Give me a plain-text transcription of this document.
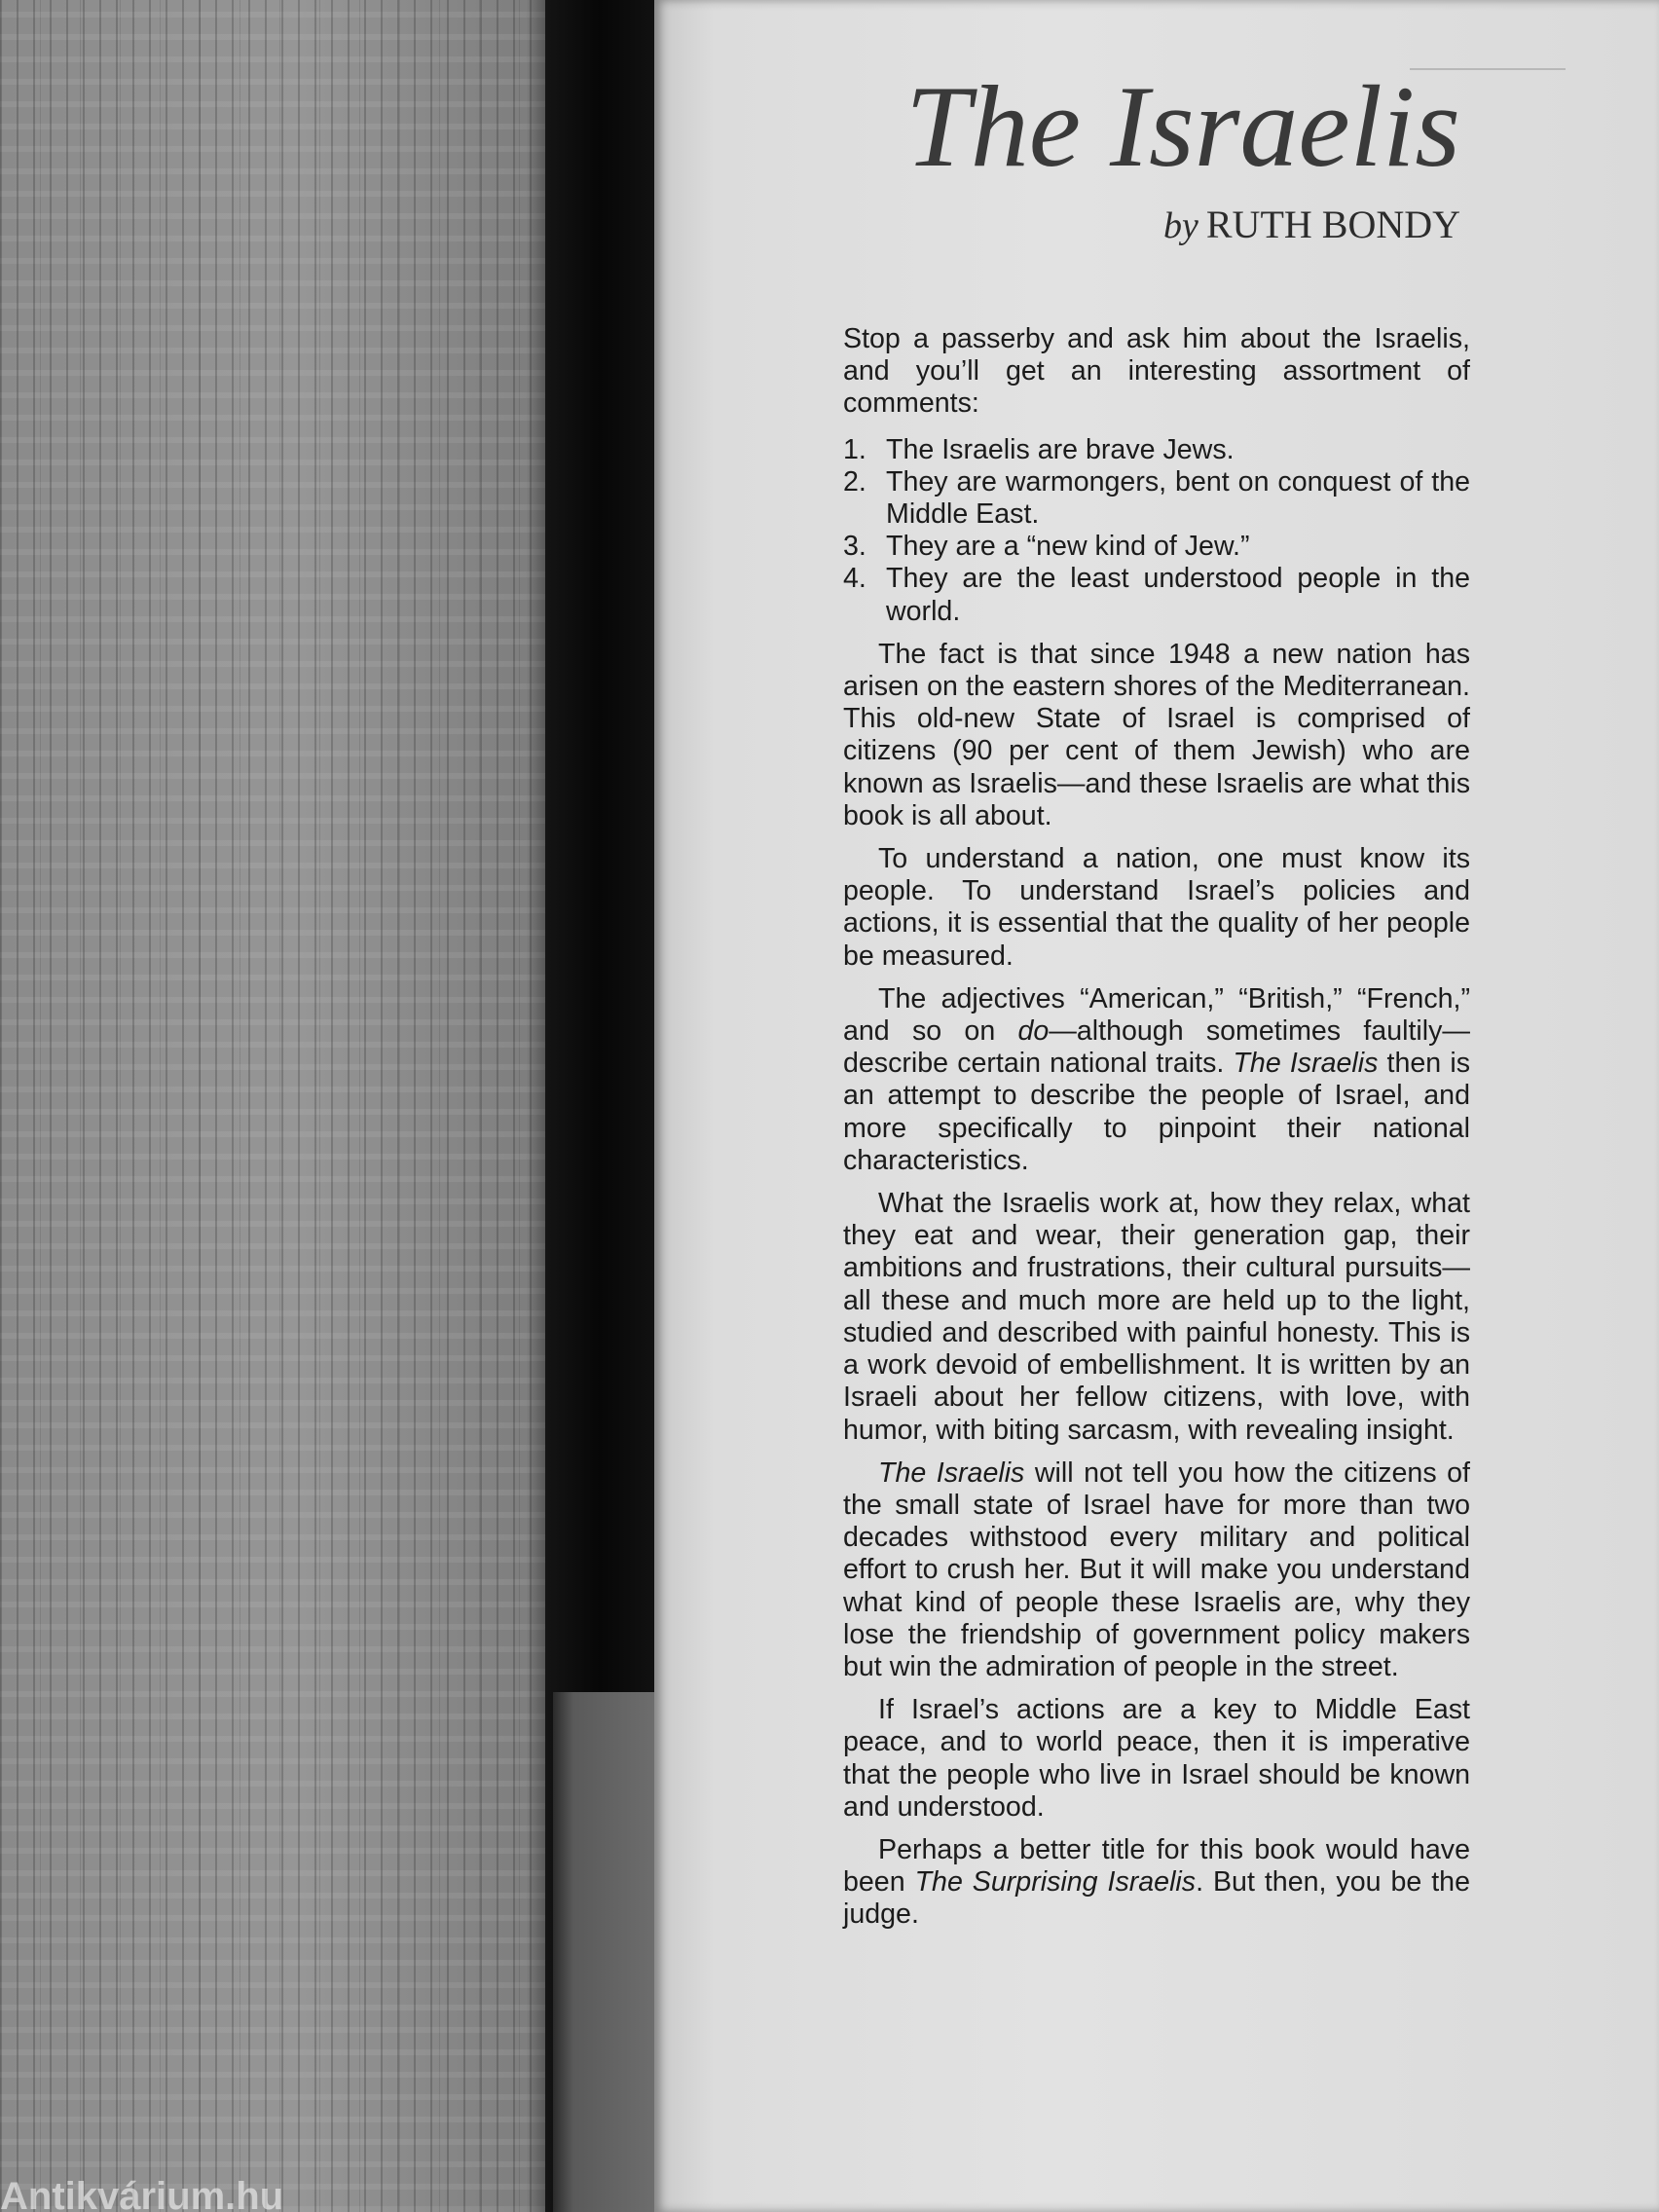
The Israelis
by RUTH BONDY

Stop a passerby and ask him about the Israelis, and you’ll get an interesting assortment of comments:

1. The Israelis are brave Jews.
2. They are warmongers, bent on conquest of the Middle East.
3. They are a “new kind of Jew.”
4. They are the least understood people in the world.

The fact is that since 1948 a new nation has arisen on the eastern shores of the Mediterranean. This old-new State of Israel is comprised of citizens (90 per cent of them Jewish) who are known as Israelis—and these Israelis are what this book is all about.

To understand a nation, one must know its people. To understand Israel’s policies and actions, it is essential that the quality of her people be measured.

The adjectives “American,” “British,” “French,” and so on do—although sometimes faultily—describe certain national traits. The Israelis then is an attempt to describe the people of Israel, and more specifically to pinpoint their national characteristics.

What the Israelis work at, how they relax, what they eat and wear, their generation gap, their ambitions and frustrations, their cultural pursuits—all these and much more are held up to the light, studied and described with painful honesty. This is a work devoid of embellishment. It is written by an Israeli about her fellow citizens, with love, with humor, with biting sarcasm, with revealing insight.

The Israelis will not tell you how the citizens of the small state of Israel have for more than two decades withstood every military and political effort to crush her. But it will make you understand what kind of people these Israelis are, why they lose the friendship of government policy makers but win the admiration of people in the street.

If Israel’s actions are a key to Middle East peace, and to world peace, then it is imperative that the people who live in Israel should be known and understood.

Perhaps a better title for this book would have been The Surprising Israelis. But then, you be the judge.

Antikvárium.hu
